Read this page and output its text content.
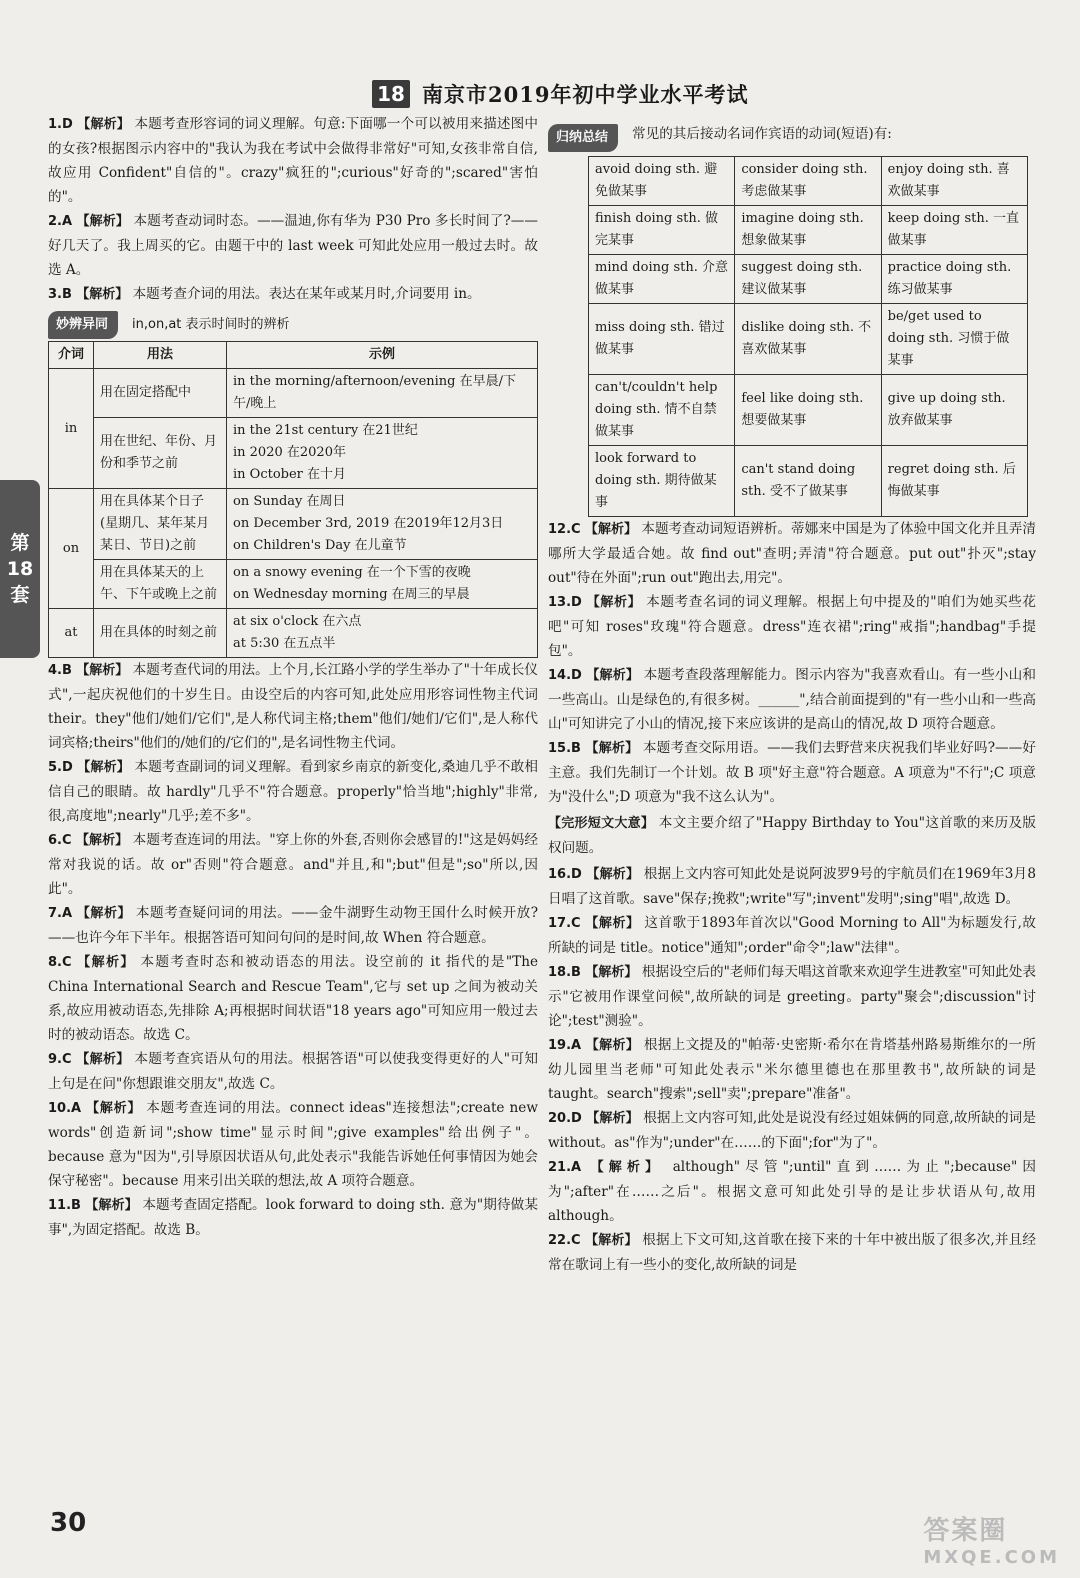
18 南京市2019年初中学业水平考试
第
18
套

1.D 【解析】 本题考查形容词的词义理解。句意:下面哪一个可以被用来描述图中的女孩?根据图示内容中的"我认为我在考试中会做得非常好"可知,女孩非常自信,故应用 Confident"自信的"。crazy"疯狂的";curious"好奇的";scared"害怕的"。

2.A 【解析】 本题考查动词时态。——温迪,你有华为 P30 Pro 多长时间了?——好几天了。我上周买的它。由题干中的 last week 可知此处应用一般过去时。故选 A。

3.B 【解析】 本题考查介词的用法。表达在某年或某月时,介词要用 in。

妙辨异同	in,on,at 表示时间时的辨析
介词	用法	示例
in	用在固定搭配中	in the morning/afternoon/evening 在早晨/下午/晚上
	用在世纪、年份、月份和季节之前	in the 21st century 在21世纪
in 2020 在2020年
in October 在十月
on	用在具体某个日子(星期几、某年某月某日、节日)之前	on Sunday 在周日
on December 3rd, 2019 在2019年12月3日
on Children's Day 在儿童节
	用在具体某天的上午、下午或晚上之前	on a snowy evening 在一个下雪的夜晚
on Wednesday morning 在周三的早晨
at	用在具体的时刻之前	at six o'clock 在六点
at 5:30 在五点半

4.B 【解析】 本题考查代词的用法。上个月,长江路小学的学生举办了"十年成长仪式",一起庆祝他们的十岁生日。由设空后的内容可知,此处应用形容词性物主代词 their。they"他们/她们/它们",是人称代词主格;them"他们/她们/它们",是人称代词宾格;theirs"他们的/她们的/它们的",是名词性物主代词。

5.D 【解析】 本题考查副词的词义理解。看到家乡南京的新变化,桑迪几乎不敢相信自己的眼睛。故 hardly"几乎不"符合题意。properly"恰当地";highly"非常,很,高度地";nearly"几乎;差不多"。

6.C 【解析】 本题考查连词的用法。"穿上你的外套,否则你会感冒的!"这是妈妈经常对我说的话。故 or"否则"符合题意。and"并且,和";but"但是";so"所以,因此"。

7.A 【解析】 本题考查疑问词的用法。——金牛湖野生动物王国什么时候开放?——也许今年下半年。根据答语可知问句问的是时间,故 When 符合题意。

8.C 【解析】 本题考查时态和被动语态的用法。设空前的 it 指代的是"The China International Search and Rescue Team",它与 set up 之间为被动关系,故应用被动语态,先排除 A;再根据时间状语"18 years ago"可知应用一般过去时的被动语态。故选 C。

9.C 【解析】 本题考查宾语从句的用法。根据答语"可以使我变得更好的人"可知上句是在问"你想跟谁交朋友",故选 C。

10.A 【解析】 本题考查连词的用法。connect ideas"连接想法";create new words"创造新词";show time"显示时间";give examples"给出例子"。because 意为"因为",引导原因状语从句,此处表示"我能告诉她任何事情因为她会保守秘密"。because 用来引出关联的想法,故 A 项符合题意。

11.B 【解析】 本题考查固定搭配。look forward to doing sth. 意为"期待做某事",为固定搭配。故选 B。

归纳总结	常见的其后接动名词作宾语的动词(短语)有:
avoid doing sth. 避免做某事	consider doing sth. 考虑做某事	enjoy doing sth. 喜欢做某事
finish doing sth. 做完某事	imagine doing sth. 想象做某事	keep doing sth. 一直做某事
mind doing sth. 介意做某事	suggest doing sth. 建议做某事	practice doing sth. 练习做某事
miss doing sth. 错过做某事	dislike doing sth. 不喜欢做某事	be/get used to doing sth. 习惯于做某事
can't/couldn't help doing sth. 情不自禁做某事	feel like doing sth. 想要做某事	give up doing sth. 放弃做某事
look forward to doing sth. 期待做某事	can't stand doing sth. 受不了做某事	regret doing sth. 后悔做某事

12.C 【解析】 本题考查动词短语辨析。蒂娜来中国是为了体验中国文化并且弄清哪所大学最适合她。故 find out"查明;弄清"符合题意。put out"扑灭";stay out"待在外面";run out"跑出去,用完"。

13.D 【解析】 本题考查名词的词义理解。根据上句中提及的"咱们为她买些花吧"可知 roses"玫瑰"符合题意。dress"连衣裙";ring"戒指";handbag"手提包"。

14.D 【解析】 本题考查段落理解能力。图示内容为"我喜欢看山。有一些小山和一些高山。山是绿色的,有很多树。______",结合前面提到的"有一些小山和一些高山"可知讲完了小山的情况,接下来应该讲的是高山的情况,故 D 项符合题意。

15.B 【解析】 本题考查交际用语。——我们去野营来庆祝我们毕业好吗?——好主意。我们先制订一个计划。故 B 项"好主意"符合题意。A 项意为"不行";C 项意为"没什么";D 项意为"我不这么认为"。

【完形短文大意】 本文主要介绍了"Happy Birthday to You"这首歌的来历及版权问题。

16.D 【解析】 根据上文内容可知此处是说阿波罗9号的宇航员们在1969年3月8日唱了这首歌。save"保存;挽救";write"写";invent"发明";sing"唱",故选 D。

17.C 【解析】 这首歌于1893年首次以"Good Morning to All"为标题发行,故所缺的词是 title。notice"通知";order"命令";law"法律"。

18.B 【解析】 根据设空后的"老师们每天唱这首歌来欢迎学生进教室"可知此处表示"它被用作课堂问候",故所缺的词是 greeting。party"聚会";discussion"讨论";test"测验"。

19.A 【解析】 根据上文提及的"帕蒂·史密斯·希尔在肯塔基州路易斯维尔的一所幼儿园里当老师"可知此处表示"米尔德里德也在那里教书",故所缺的词是 taught。search"搜索";sell"卖";prepare"准备"。

20.D 【解析】 根据上文内容可知,此处是说没有经过姐妹俩的同意,故所缺的词是 without。as"作为";under"在……的下面";for"为了"。

21.A 【解析】 although"尽管";until"直到……为止";because"因为";after"在……之后"。根据文意可知此处引导的是让步状语从句,故用 although。

22.C 【解析】 根据上下文可知,这首歌在接下来的十年中被出版了很多次,并且经常在歌词上有一些小的变化,故所缺的词是

30	答案圈
MXQE.COM
